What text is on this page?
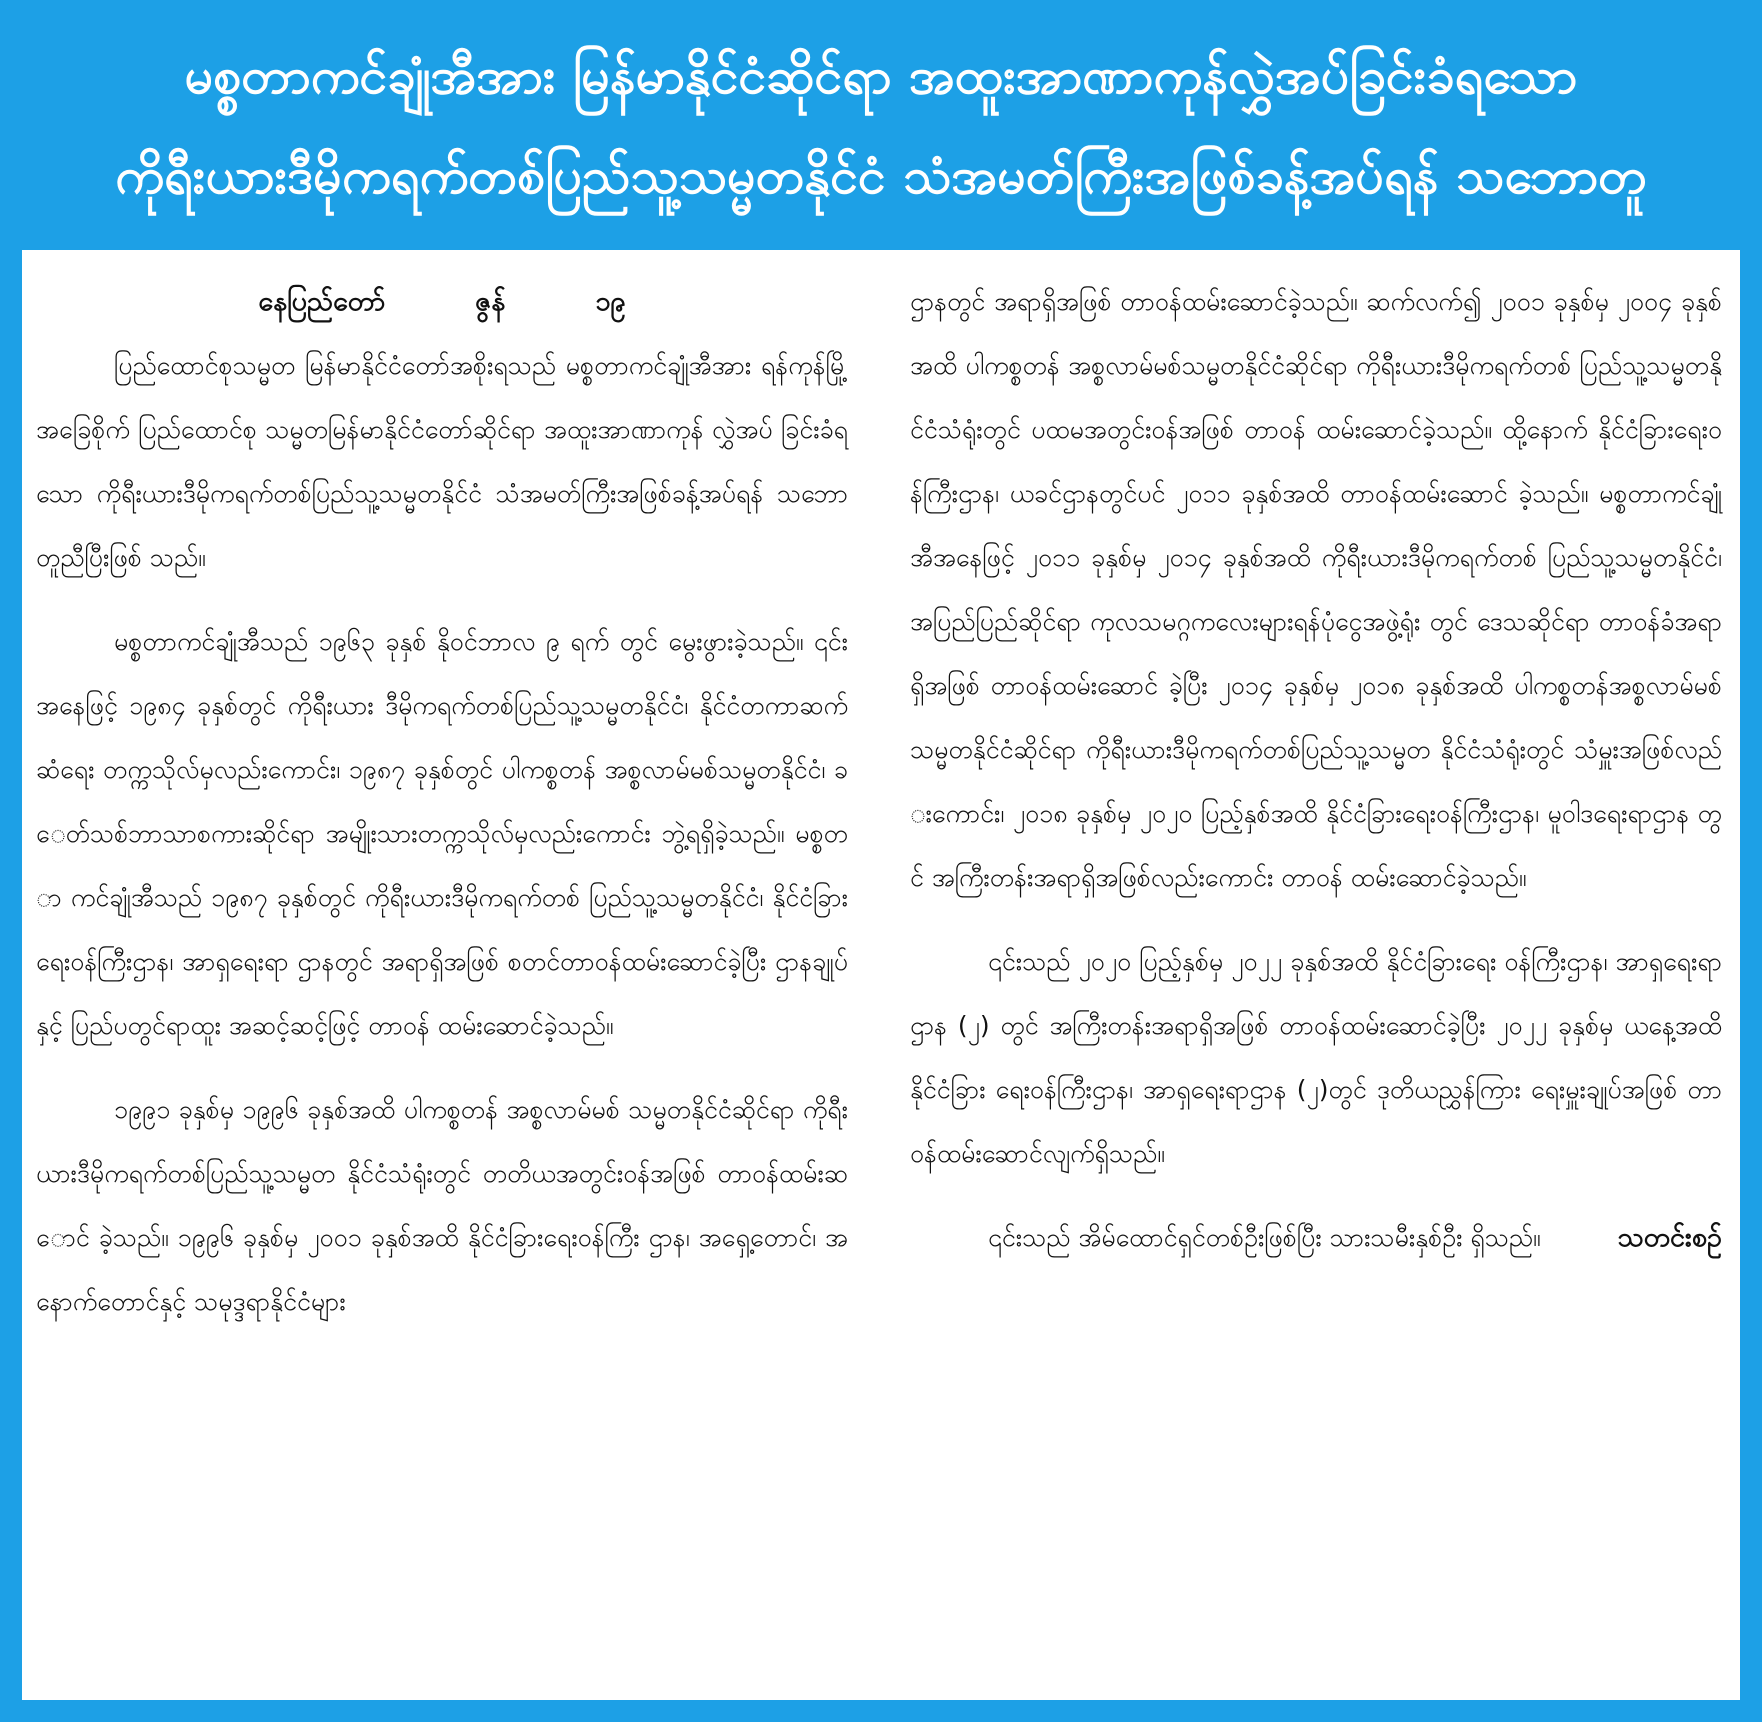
မစ္စတာကင်ချုံအီအား မြန်မာနိုင်ငံဆိုင်ရာ အထူးအာဏာကုန်လွှဲအပ်ခြင်းခံရသော
ကိုရီးယားဒီမိုကရက်တစ်ပြည်သူ့သမ္မတနိုင်ငံ သံအမတ်ကြီးအဖြစ်ခန့်အပ်ရန် သဘောတူ
နေပြည်တော်	ဇွန်	၁၉

ပြည်ထောင်စုသမ္မတ မြန်မာနိုင်ငံတော်အစိုးရသည် မစ္စတာကင်ချုံအီအား ရန်ကုန်မြို့အခြေစိုက် ပြည်ထောင်စု သမ္မတမြန်မာနိုင်ငံတော်ဆိုင်ရာ အထူးအာဏာကုန် လွှဲအပ် ခြင်းခံရသော ကိုရီးယားဒီမိုကရက်တစ်ပြည်သူ့သမ္မတနိုင်ငံ သံအမတ်ကြီးအဖြစ်ခန့်အပ်ရန် သဘောတူညီပြီးဖြစ် သည်။

မစ္စတာကင်ချုံအီသည် ၁၉၆၃ ခုနှစ် နိုဝင်ဘာလ ၉ ရက် တွင် မွေးဖွားခဲ့သည်။ ၎င်းအနေဖြင့် ၁၉၈၄ ခုနှစ်တွင် ကိုရီးယား ဒီမိုကရက်တစ်ပြည်သူ့သမ္မတနိုင်ငံ၊ နိုင်ငံတကာဆက်ဆံရေး တက္ကသိုလ်မှလည်းကောင်း၊ ၁၉၈၇ ခုနှစ်တွင် ပါကစ္စတန် အစ္စလာမ်မစ်သမ္မတနိုင်ငံ၊ ခေတ်သစ်ဘာသာစကားဆိုင်ရာ အမျိုးသားတက္ကသိုလ်မှလည်းကောင်း ဘွဲ့ရရှိခဲ့သည်။ မစ္စတာ ကင်ချုံအီသည် ၁၉၈၇ ခုနှစ်တွင် ကိုရီးယားဒီမိုကရက်တစ် ပြည်သူ့သမ္မတနိုင်ငံ၊ နိုင်ငံခြားရေးဝန်ကြီးဌာန၊ အာရှရေးရာ ဌာနတွင် အရာရှိအဖြစ် စတင်တာဝန်ထမ်းဆောင်ခဲ့ပြီး ဌာနချုပ်နှင့် ပြည်ပတွင်ရာထူး အဆင့်ဆင့်ဖြင့် တာဝန် ထမ်းဆောင်ခဲ့သည်။

၁၉၉၁ ခုနှစ်မှ ၁၉၉၆ ခုနှစ်အထိ ပါကစ္စတန် အစ္စလာမ်မစ် သမ္မတနိုင်ငံဆိုင်ရာ ကိုရီးယားဒီမိုကရက်တစ်ပြည်သူ့သမ္မတ နိုင်ငံသံရုံးတွင် တတိယအတွင်းဝန်အဖြစ် တာဝန်ထမ်းဆောင် ခဲ့သည်။ ၁၉၉၆ ခုနှစ်မှ ၂၀၀၁ ခုနှစ်အထိ နိုင်ငံခြားရေးဝန်ကြီး ဌာန၊ အရှေ့တောင်၊ အနောက်တောင်နှင့် သမုဒ္ဒရာနိုင်ငံများ

ဌာနတွင် အရာရှိအဖြစ် တာဝန်ထမ်းဆောင်ခဲ့သည်။ ဆက်လက်၍ ၂၀၀၁ ခုနှစ်မှ ၂၀၀၄ ခုနှစ်အထိ ပါကစ္စတန် အစ္စလာမ်မစ်သမ္မတနိုင်ငံဆိုင်ရာ ကိုရီးယားဒီမိုကရက်တစ် ပြည်သူ့သမ္မတနိုင်ငံသံရုံးတွင် ပထမအတွင်းဝန်အဖြစ် တာဝန် ထမ်းဆောင်ခဲ့သည်။ ထို့နောက် နိုင်ငံခြားရေးဝန်ကြီးဌာန၊ ယခင်ဌာနတွင်ပင် ၂၀၁၁ ခုနှစ်အထိ တာဝန်ထမ်းဆောင် ခဲ့သည်။ မစ္စတာကင်ချုံအီအနေဖြင့် ၂၀၁၁ ခုနှစ်မှ ၂၀၁၄ ခုနှစ်အထိ ကိုရီးယားဒီမိုကရက်တစ် ပြည်သူ့သမ္မတနိုင်ငံ၊ အပြည်ပြည်ဆိုင်ရာ ကုလသမဂ္ဂကလေးများရန်ပုံငွေအဖွဲ့ရုံး တွင် ဒေသဆိုင်ရာ တာဝန်ခံအရာရှိအဖြစ် တာဝန်ထမ်းဆောင် ခဲ့ပြီး ၂၀၁၄ ခုနှစ်မှ ၂၀၁၈ ခုနှစ်အထိ ပါကစ္စတန်အစ္စလာမ်မစ် သမ္မတနိုင်ငံဆိုင်ရာ ကိုရီးယားဒီမိုကရက်တစ်ပြည်သူ့သမ္မတ နိုင်ငံသံရုံးတွင် သံမှူးအဖြစ်လည်းကောင်း၊ ၂၀၁၈ ခုနှစ်မှ ၂၀၂၀ ပြည့်နှစ်အထိ နိုင်ငံခြားရေးဝန်ကြီးဌာန၊ မူဝါဒရေးရာဌာန တွင် အကြီးတန်းအရာရှိအဖြစ်လည်းကောင်း တာဝန် ထမ်းဆောင်ခဲ့သည်။

၎င်းသည် ၂၀၂၀ ပြည့်နှစ်မှ ၂၀၂၂ ခုနှစ်အထိ နိုင်ငံခြားရေး ဝန်ကြီးဌာန၊ အာရှရေးရာဌာန (၂) တွင် အကြီးတန်းအရာရှိအဖြစ် တာဝန်ထမ်းဆောင်ခဲ့ပြီး ၂၀၂၂ ခုနှစ်မှ ယနေ့အထိ နိုင်ငံခြား ရေးဝန်ကြီးဌာန၊ အာရှရေးရာဌာန (၂)တွင် ဒုတိယညွှန်ကြား ရေးမှူးချုပ်အဖြစ် တာဝန်ထမ်းဆောင်လျက်ရှိသည်။

၎င်းသည် အိမ်ထောင်ရှင်တစ်ဦးဖြစ်ပြီး သားသမီးနှစ်ဦး ရှိသည်။	သတင်းစဉ်
